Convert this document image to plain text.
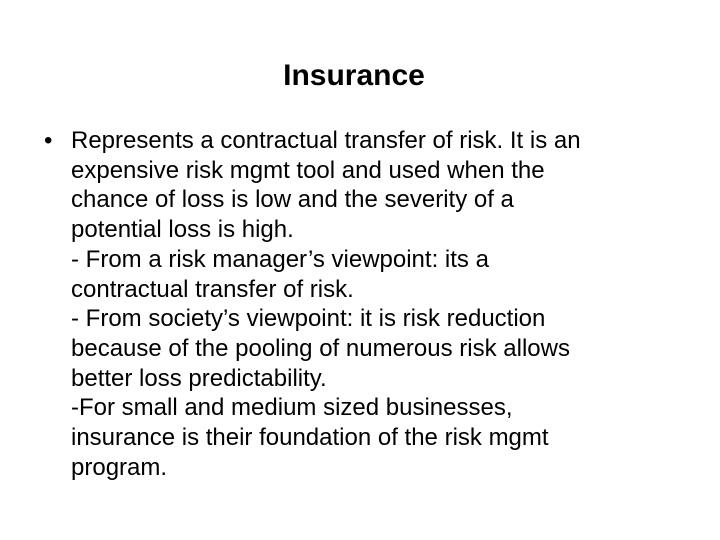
Insurance
• Represents a contractual transfer of risk. It is an
expensive risk mgmt tool and used when the
chance of loss is low and the severity of a
potential loss is high.
- From a risk manager’s viewpoint: its a
contractual transfer of risk.
- From society’s viewpoint: it is risk reduction
because of the pooling of numerous risk allows
better loss predictability.
-For small and medium sized businesses,
insurance is their foundation of the risk mgmt
program.
